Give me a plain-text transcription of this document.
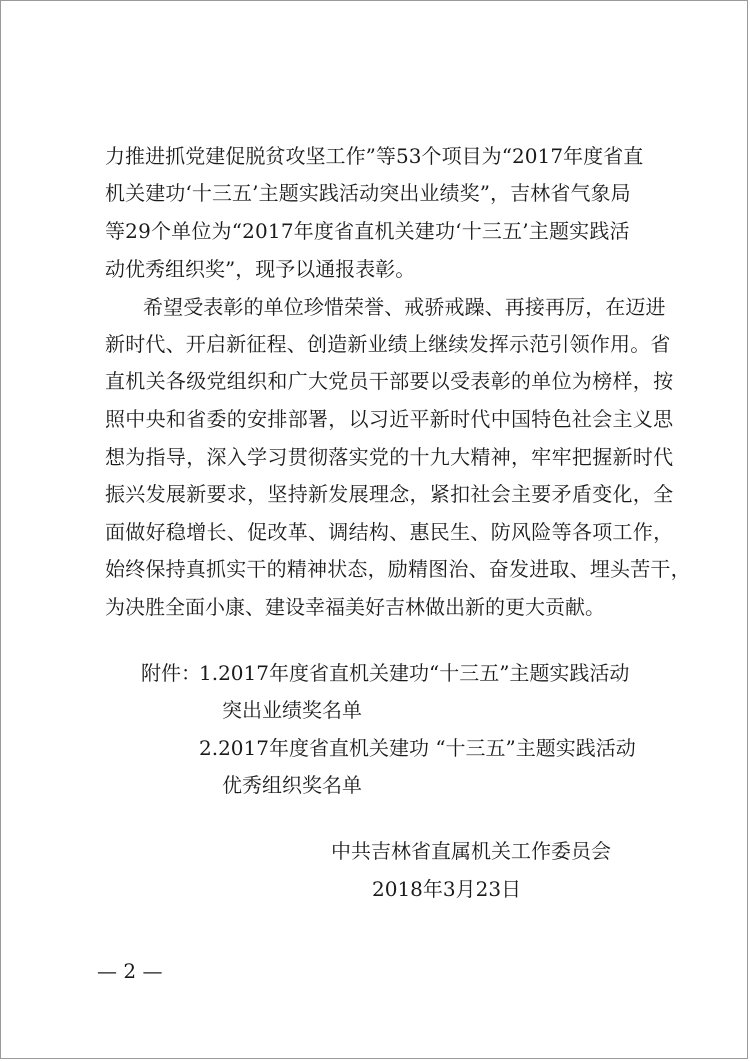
力推进抓党建促脱贫攻坚工作”等53个项目为“2017年度省直
机关建功‘十三五’主题实践活动突出业绩奖”，吉林省气象局
等29个单位为“2017年度省直机关建功‘十三五’主题实践活
动优秀组织奖”，现予以通报表彰。
希望受表彰的单位珍惜荣誉、戒骄戒躁、再接再厉，在迈进
新时代、开启新征程、创造新业绩上继续发挥示范引领作用。省
直机关各级党组织和广大党员干部要以受表彰的单位为榜样，按
照中央和省委的安排部署，以习近平新时代中国特色社会主义思
想为指导，深入学习贯彻落实党的十九大精神，牢牢把握新时代
振兴发展新要求，坚持新发展理念，紧扣社会主要矛盾变化，全
面做好稳增长、促改革、调结构、惠民生、防风险等各项工作，
始终保持真抓实干的精神状态，励精图治、奋发进取、埋头苦干，
为决胜全面小康、建设幸福美好吉林做出新的更大贡献。
附件：
1.2017年度省直机关建功“十三五”主题实践活动
突出业绩奖名单
2.2017年度省直机关建功 “十三五”主题实践活动
优秀组织奖名单
中共吉林省直属机关工作委员会
2018年3月23日
— 2 —
